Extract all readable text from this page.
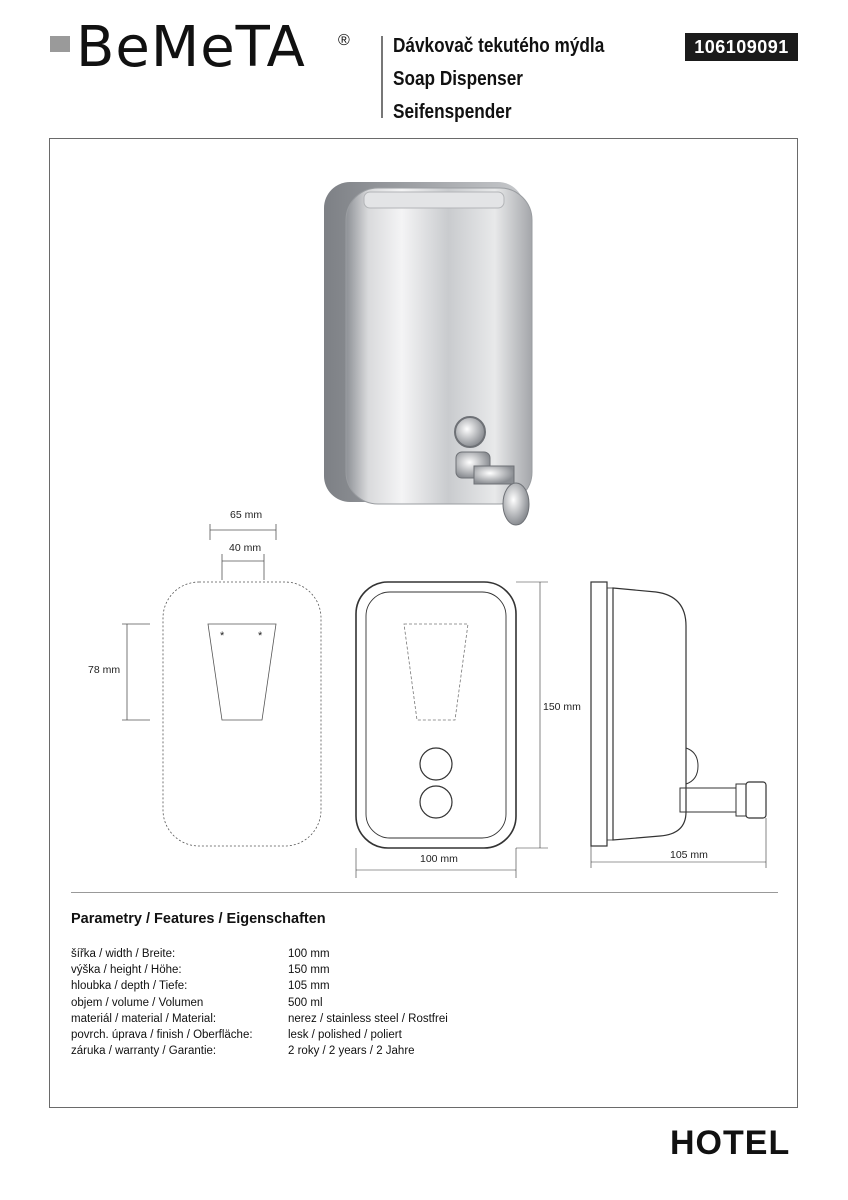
BeMeTA ® Dávkovač tekutého mýdla
Soap Dispenser
Seifenspender
106109091
*	*
65 mm
40 mm
78 mm
150 mm
100 mm	105 mm
Parametry / Features / Eigenschaften
šířka / width / Breite:	100 mm
výška / height / Höhe:	150 mm
hloubka / depth / Tiefe:	105 mm
objem / volume / Volumen	500 ml
materiál / material / Material:	nerez / stainless steel / Rostfrei
povrch. úprava / finish / Oberfläche:	lesk / polished / poliert
záruka / warranty / Garantie:	2 roky / 2 years / 2 Jahre
HOTEL
